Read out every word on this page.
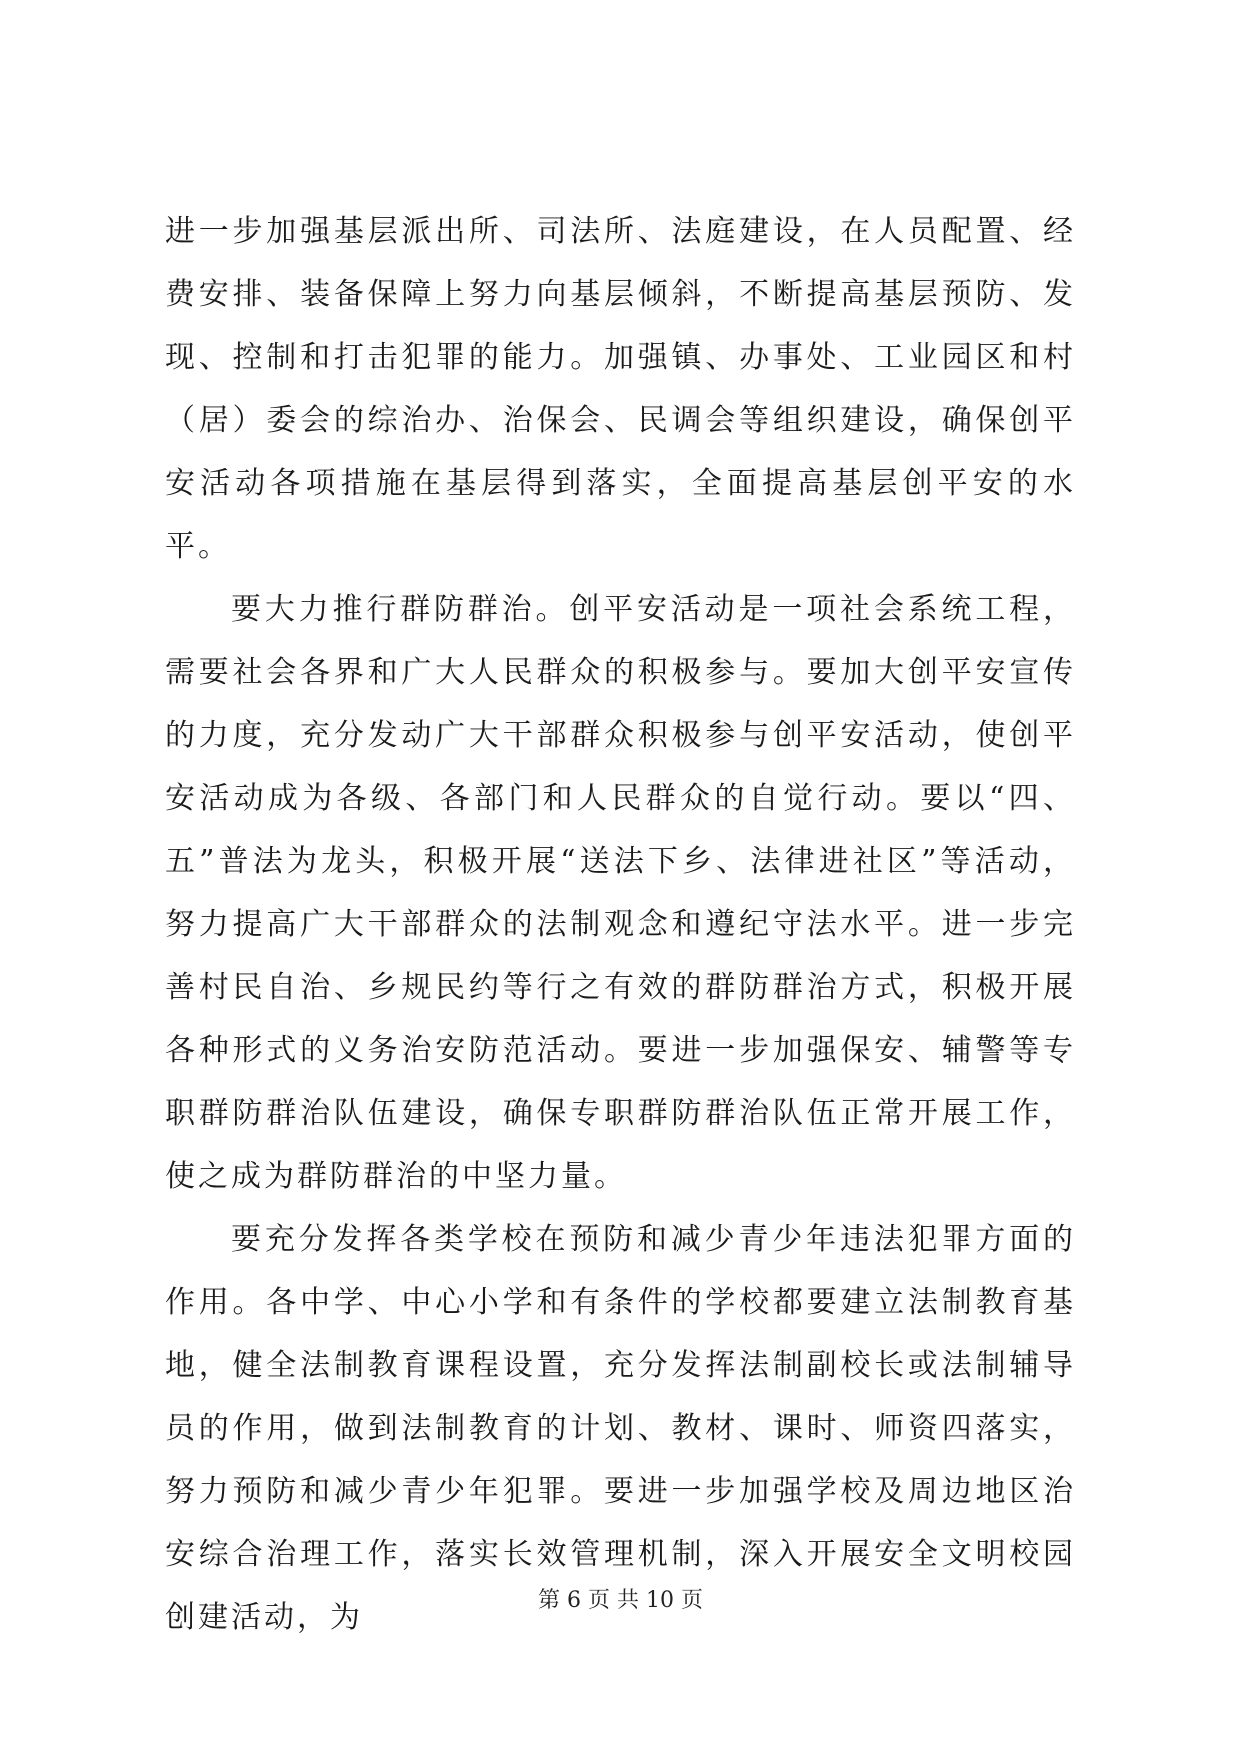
进一步加强基层派出所、司法所、法庭建设，在人员配置、经费安排、装备保障上努力向基层倾斜，不断提高基层预防、发现、控制和打击犯罪的能力。加强镇、办事处、工业园区和村（居）委会的综治办、治保会、民调会等组织建设，确保创平安活动各项措施在基层得到落实，全面提高基层创平安的水平。

要大力推行群防群治。创平安活动是一项社会系统工程，需要社会各界和广大人民群众的积极参与。要加大创平安宣传的力度，充分发动广大干部群众积极参与创平安活动，使创平安活动成为各级、各部门和人民群众的自觉行动。要以“四、五”普法为龙头，积极开展“送法下乡、法律进社区”等活动，努力提高广大干部群众的法制观念和遵纪守法水平。进一步完善村民自治、乡规民约等行之有效的群防群治方式，积极开展各种形式的义务治安防范活动。要进一步加强保安、辅警等专职群防群治队伍建设，确保专职群防群治队伍正常开展工作，使之成为群防群治的中坚力量。

要充分发挥各类学校在预防和减少青少年违法犯罪方面的作用。各中学、中心小学和有条件的学校都要建立法制教育基地，健全法制教育课程设置，充分发挥法制副校长或法制辅导员的作用，做到法制教育的计划、教材、课时、师资四落实，努力预防和减少青少年犯罪。要进一步加强学校及周边地区治安综合治理工作，落实长效管理机制，深入开展安全文明校园创建活动，为	第 6 页 共 10 页
